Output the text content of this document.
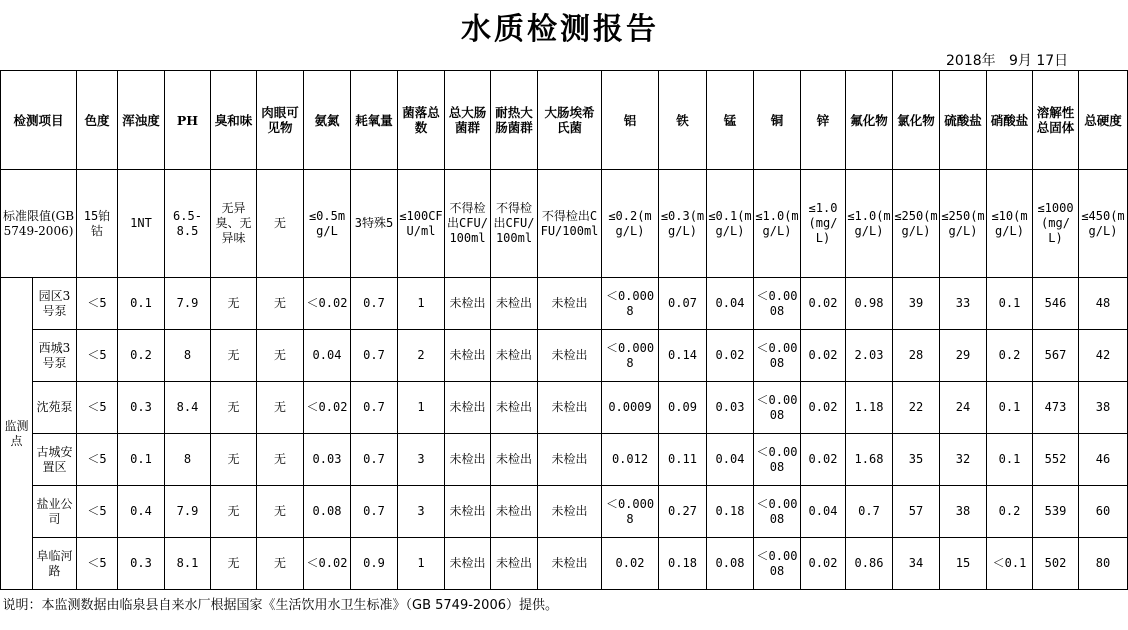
水质检测报告
2018年   9月 17日
检测项目		色度	浑浊度	PH	臭和味	肉眼可见物	氨氮	耗氧量	菌落总数	总大肠菌群	耐热大肠菌群	大肠埃希氏菌	铝	铁	锰	铜	锌	氟化物	氯化物	硫酸盐	硝酸盐	溶解性总固体	总硬度
标准限值(GB5749-2006)		15铂钴	1NT	6.5-8.5	无异臭、无异味	无	≤0.5mg/L	3特殊5	≤100CFU/ml	不得检出CFU/100ml	不得检出CFU/100ml	不得检出CFU/100ml	≤0.2(mg/L)	≤0.3(mg/L)	≤0.1(mg/L)	≤1.0(mg/L)	≤1.0(mg/L)	≤1.0(mg/L)	≤250(mg/L)	≤250(mg/L)	≤10(mg/L)	≤1000(mg/L)	≤450(mg/L)
监测点	园区3号泵	＜5	0.1	7.9	无	无	＜0.02	0.7	1	未检出	未检出	未检出	＜0.0008	0.07	0.04	＜0.0008	0.02	0.98	39	33	0.1	546	48
	西城3号泵	＜5	0.2	8	无	无	0.04	0.7	2	未检出	未检出	未检出	＜0.0008	0.14	0.02	＜0.0008	0.02	2.03	28	29	0.2	567	42
	沈苑泵	＜5	0.3	8.4	无	无	＜0.02	0.7	1	未检出	未检出	未检出	0.0009	0.09	0.03	＜0.0008	0.02	1.18	22	24	0.1	473	38
	古城安置区	＜5	0.1	8	无	无	0.03	0.7	3	未检出	未检出	未检出	0.012	0.11	0.04	＜0.0008	0.02	1.68	35	32	0.1	552	46
	盐业公司	＜5	0.4	7.9	无	无	0.08	0.7	3	未检出	未检出	未检出	＜0.0008	0.27	0.18	＜0.0008	0.04	0.7	57	38	0.2	539	60
	阜临河路	＜5	0.3	8.1	无	无	＜0.02	0.9	1	未检出	未检出	未检出	0.02	0.18	0.08	＜0.0008	0.02	0.86	34	15	＜0.1	502	80
说明：本监测数据由临泉县自来水厂根据国家《生活饮用水卫生标准》（GB 5749-2006）提供。																							
